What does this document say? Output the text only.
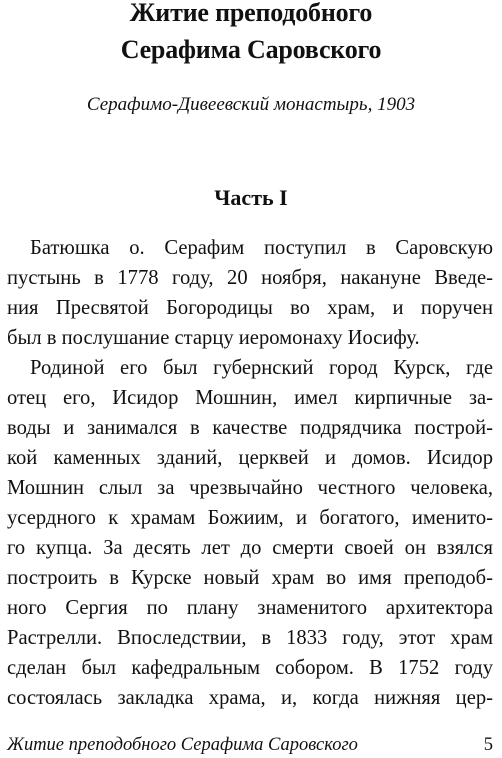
Житие преподобного
Серафима Саровского
Серафимо-Дивеевский монастырь, 1903
Часть I
Батюшка о. Серафим поступил в Саровскую
пустынь в 1778 году, 20 ноября, накануне Введе-
ния Пресвятой Богородицы во храм, и поручен
был в послушание старцу иеромонаху Иосифу.
Родиной его был губернский город Курск, где
отец его, Исидор Мошнин, имел кирпичные за-
воды и занимался в качестве подрядчика построй-
кой каменных зданий, церквей и домов. Исидор
Мошнин слыл за чрезвычайно честного человека,
усердного к храмам Божиим, и богатого, именито-
го купца. За десять лет до смерти своей он взялся
построить в Курске новый храм во имя преподоб-
ного Сергия по плану знаменитого архитектора
Растрелли. Впоследствии, в 1833 году, этот храм
сделан был кафедральным собором. В 1752 году
состоялась закладка храма, и, когда нижняя цер-
Житие преподобного Серафима Саровского	5
